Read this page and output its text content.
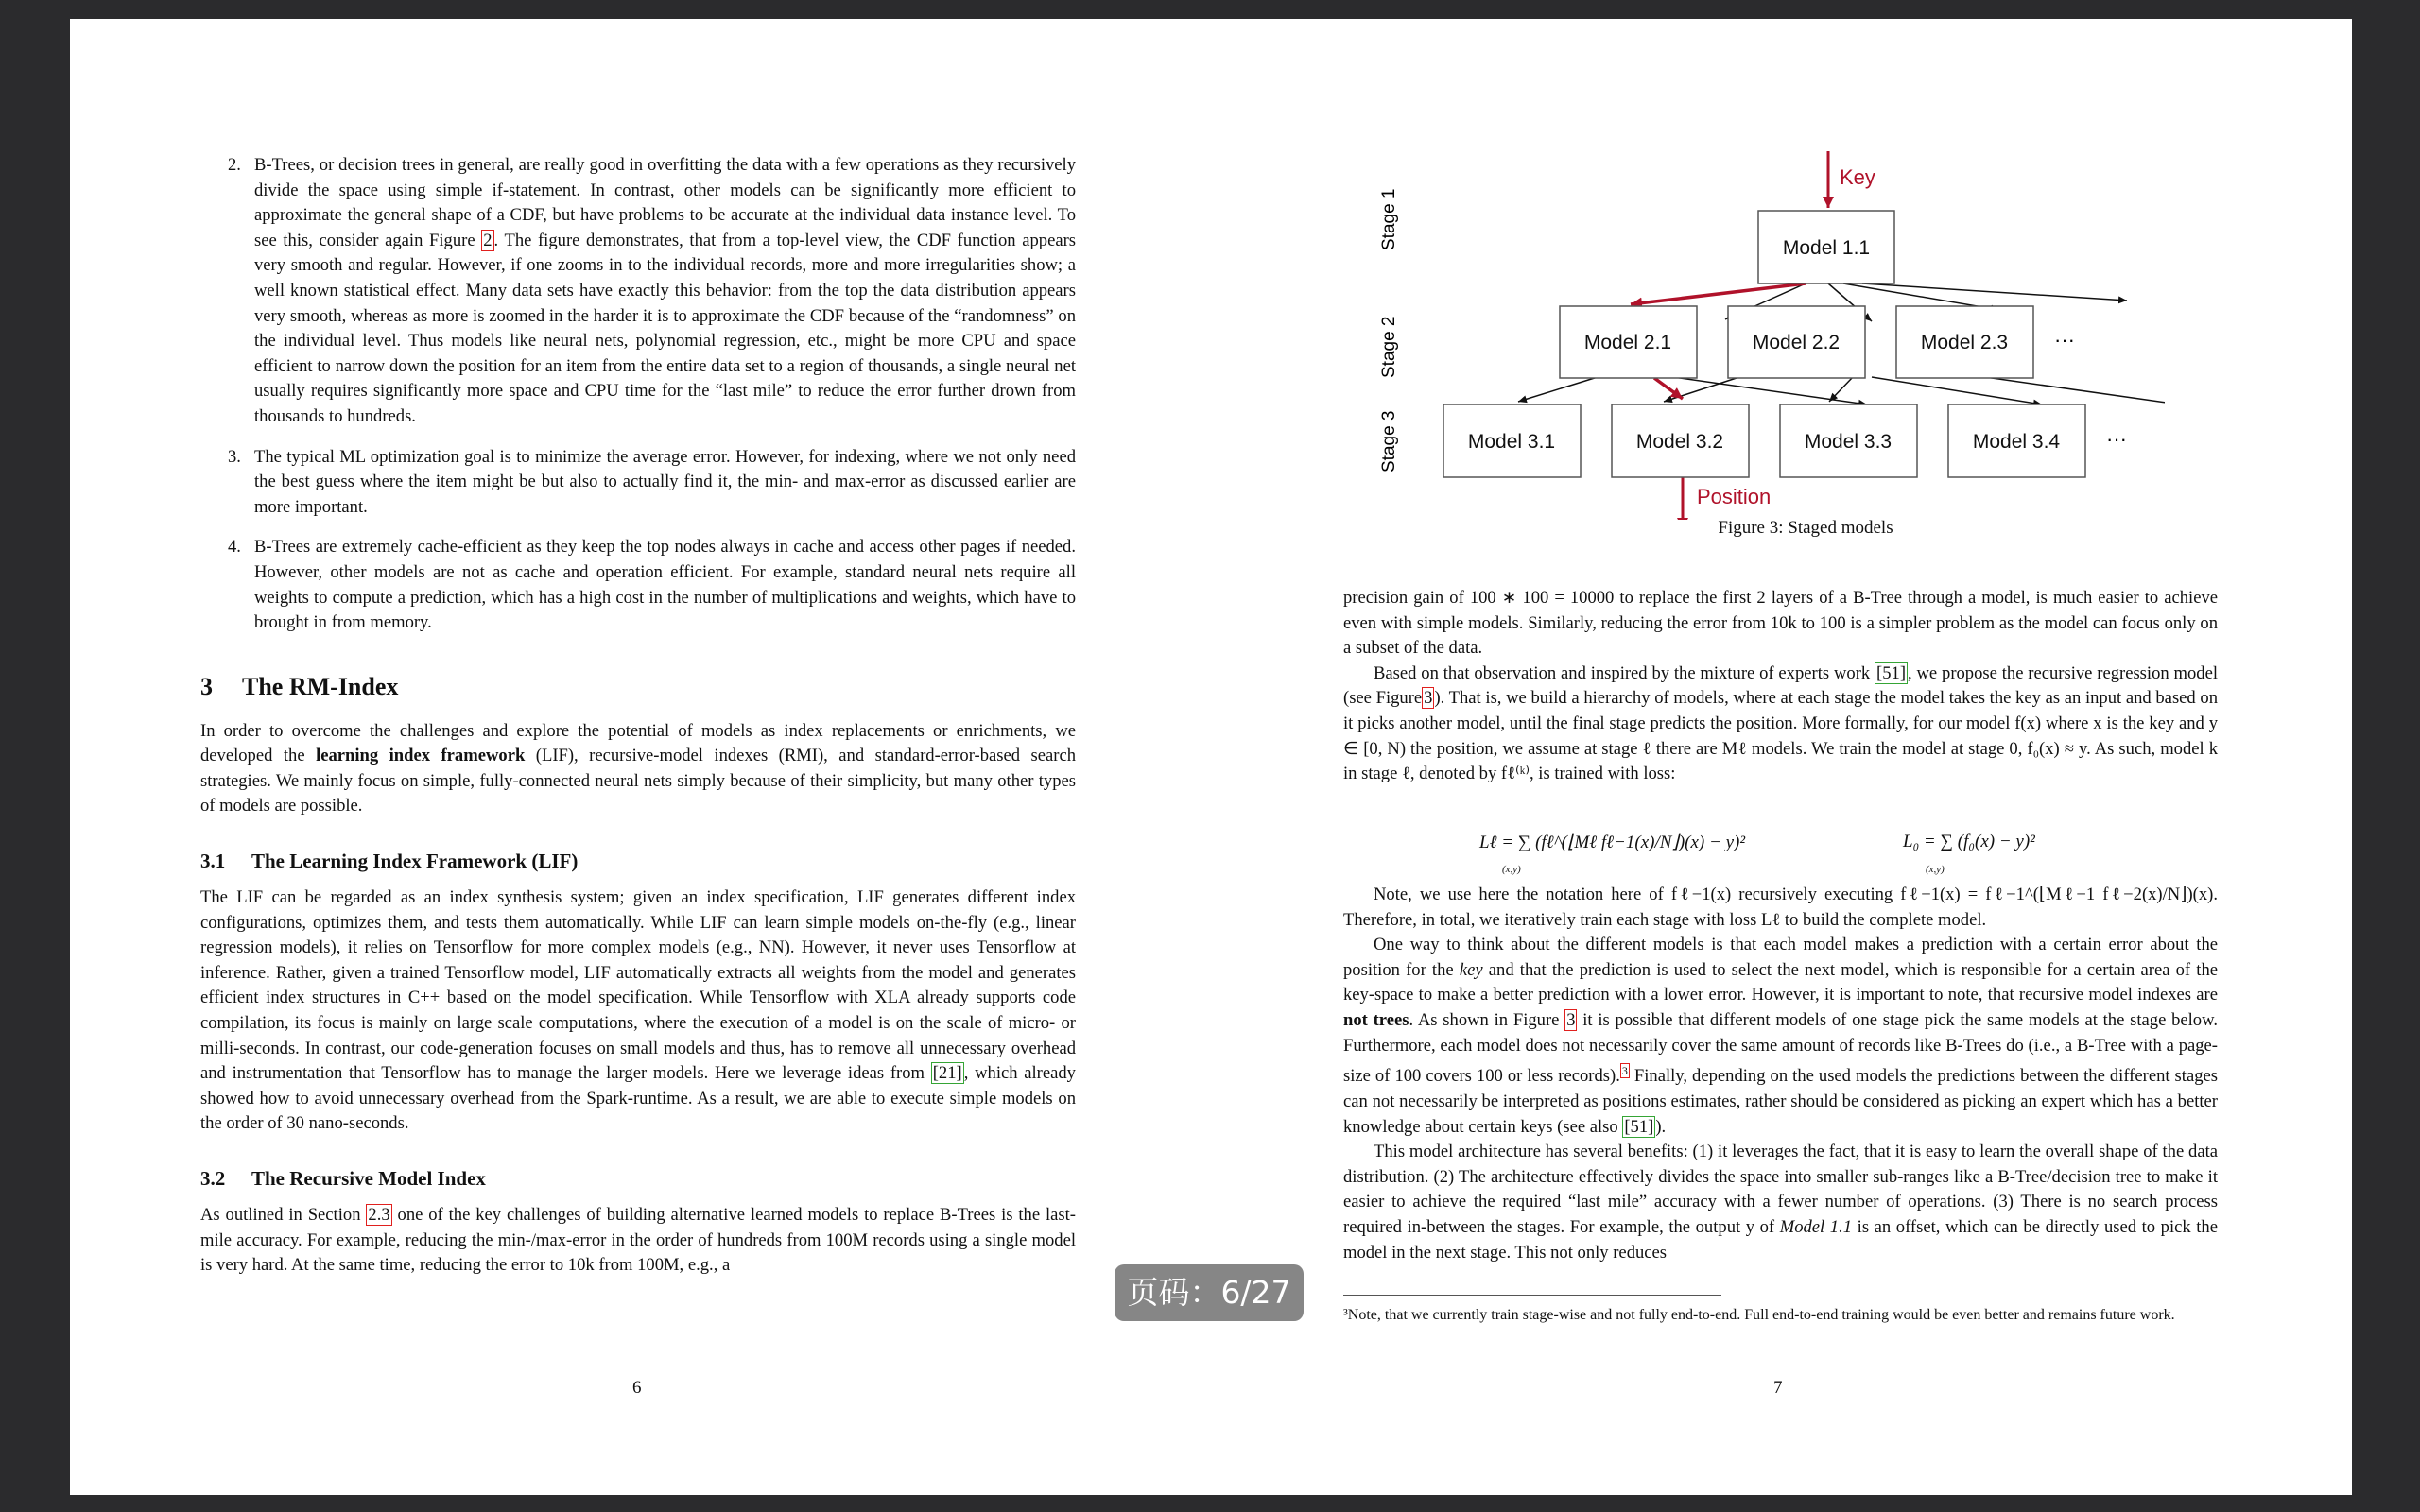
2. B-Trees, or decision trees in general, are really good in overfitting the data with a few operations as they recursively divide the space using simple if-statement. In contrast, other models can be significantly more efficient to approximate the general shape of a CDF, but have problems to be accurate at the individual data instance level. To see this, consider again Figure 2 . The figure demonstrates, that from a top-level view, the CDF function appears very smooth and regular. However, if one zooms in to the individual records, more and more irregularities show; a well known statistical effect. Many data sets have exactly this behavior: from the top the data distribution appears very smooth, whereas as more is zoomed in the harder it is to approximate the CDF because of the “randomness” on the individual level. Thus models like neural nets, polynomial regression, etc., might be more CPU and space efficient to narrow down the position for an item from the entire data set to a region of thousands, a single neural net usually requires significantly more space and CPU time for the “last mile” to reduce the error further drown from thousands to hundreds.

3. The typical ML optimization goal is to minimize the average error. However, for indexing, where we not only need the best guess where the item might be but also to actually find it, the min- and max-error as discussed earlier are more important.

4. B-Trees are extremely cache-efficient as they keep the top nodes always in cache and access other pages if needed. However, other models are not as cache and operation efficient. For example, standard neural nets require all weights to compute a prediction, which has a high cost in the number of multiplications and weights, which have to brought in from memory.

3 The RM-Index

In order to overcome the challenges and explore the potential of models as index replacements or enrichments, we developed the learning index framework (LIF), recursive-model indexes (RMI), and standard-error-based search strategies. We mainly focus on simple, fully-connected neural nets simply because of their simplicity, but many other types of models are possible.

3.1 The Learning Index Framework (LIF)

The LIF can be regarded as an index synthesis system; given an index specification, LIF generates different index configurations, optimizes them, and tests them automatically. While LIF can learn simple models on-the-fly (e.g., linear regression models), it relies on Tensorflow for more complex models (e.g., NN). However, it never uses Tensorflow at inference. Rather, given a trained Tensorflow model, LIF automatically extracts all weights from the model and generates efficient index structures in C++ based on the model specification. While Tensorflow with XLA already supports code compilation, its focus is mainly on large scale computations, where the execution of a model is on the scale of micro- or milli-seconds. In contrast, our code-generation focuses on small models and thus, has to remove all unnecessary overhead and instrumentation that Tensorflow has to manage the larger models. Here we leverage ideas from [21] , which already showed how to avoid unnecessary overhead from the Spark-runtime. As a result, we are able to execute simple models on the order of 30 nano-seconds.

3.2 The Recursive Model Index

As outlined in Section 2.3 one of the key challenges of building alternative learned models to replace B-Trees is the last-mile accuracy. For example, reducing the min-/max-error in the order of hundreds from 100M records using a single model is very hard. At the same time, reducing the error to 10k from 100M, e.g., a

6
Stage 1
Stage 2
Stage 3
Key
Position
Model 1.1
Model 2.1	Model 2.2	Model 2.3
Model 3.1	Model 3.2	Model 3.3	Model 3.4
···
···
Figure 3: Staged models

precision gain of 100 ∗ 100 = 10000 to replace the first 2 layers of a B-Tree through a model, is much easier to achieve even with simple models. Similarly, reducing the error from 10k to 100 is a simpler problem as the model can focus only on a subset of the data.

Based on that observation and inspired by the mixture of experts work [51] , we propose the recursive regression model (see Figure 3 ). That is, we build a hierarchy of models, where at each stage the model takes the key as an input and based on it picks another model, until the final stage predicts the position. More formally, for our model f(x) where x is the key and y ∈ [0, N) the position, we assume at stage ℓ there are Mℓ models. We train the model at stage 0, f₀(x) ≈ y. As such, model k in stage ℓ, denoted by fℓ⁽ᵏ⁾, is trained with loss:

Lℓ = ∑ (fℓ^(⌊Mℓ fℓ−1(x)/N⌋)(x) − y)²
(x,y)
L₀ = ∑ (f₀(x) − y)²
(x,y)

Note, we use here the notation here of fℓ−1(x) recursively executing fℓ−1(x) = fℓ−1^(⌊Mℓ−1 fℓ−2(x)/N⌋)(x). Therefore, in total, we iteratively train each stage with loss Lℓ to build the complete model.

One way to think about the different models is that each model makes a prediction with a certain error about the position for the key and that the prediction is used to select the next model, which is responsible for a certain area of the key-space to make a better prediction with a lower error. However, it is important to note, that recursive model indexes are not trees. As shown in Figure 3 it is possible that different models of one stage pick the same models at the stage below. Furthermore, each model does not necessarily cover the same amount of records like B-Trees do (i.e., a B-Tree with a page-size of 100 covers 100 or less records). $^3$ Finally, depending on the used models the predictions between the different stages can not necessarily be interpreted as positions estimates, rather should be considered as picking an expert which has a better knowledge about certain keys (see also [51] ).

This model architecture has several benefits: (1) it leverages the fact, that it is easy to learn the overall shape of the data distribution. (2) The architecture effectively divides the space into smaller sub-ranges like a B-Tree/decision tree to make it easier to achieve the required “last mile” accuracy with a fewer number of operations. (3) There is no search process required in-between the stages. For example, the output y of Model 1.1 is an offset, which can be directly used to pick the model in the next stage. This not only reduces

³Note, that we currently train stage-wise and not fully end-to-end. Full end-to-end training would be even better and remains future work.
7
页码：6/27
